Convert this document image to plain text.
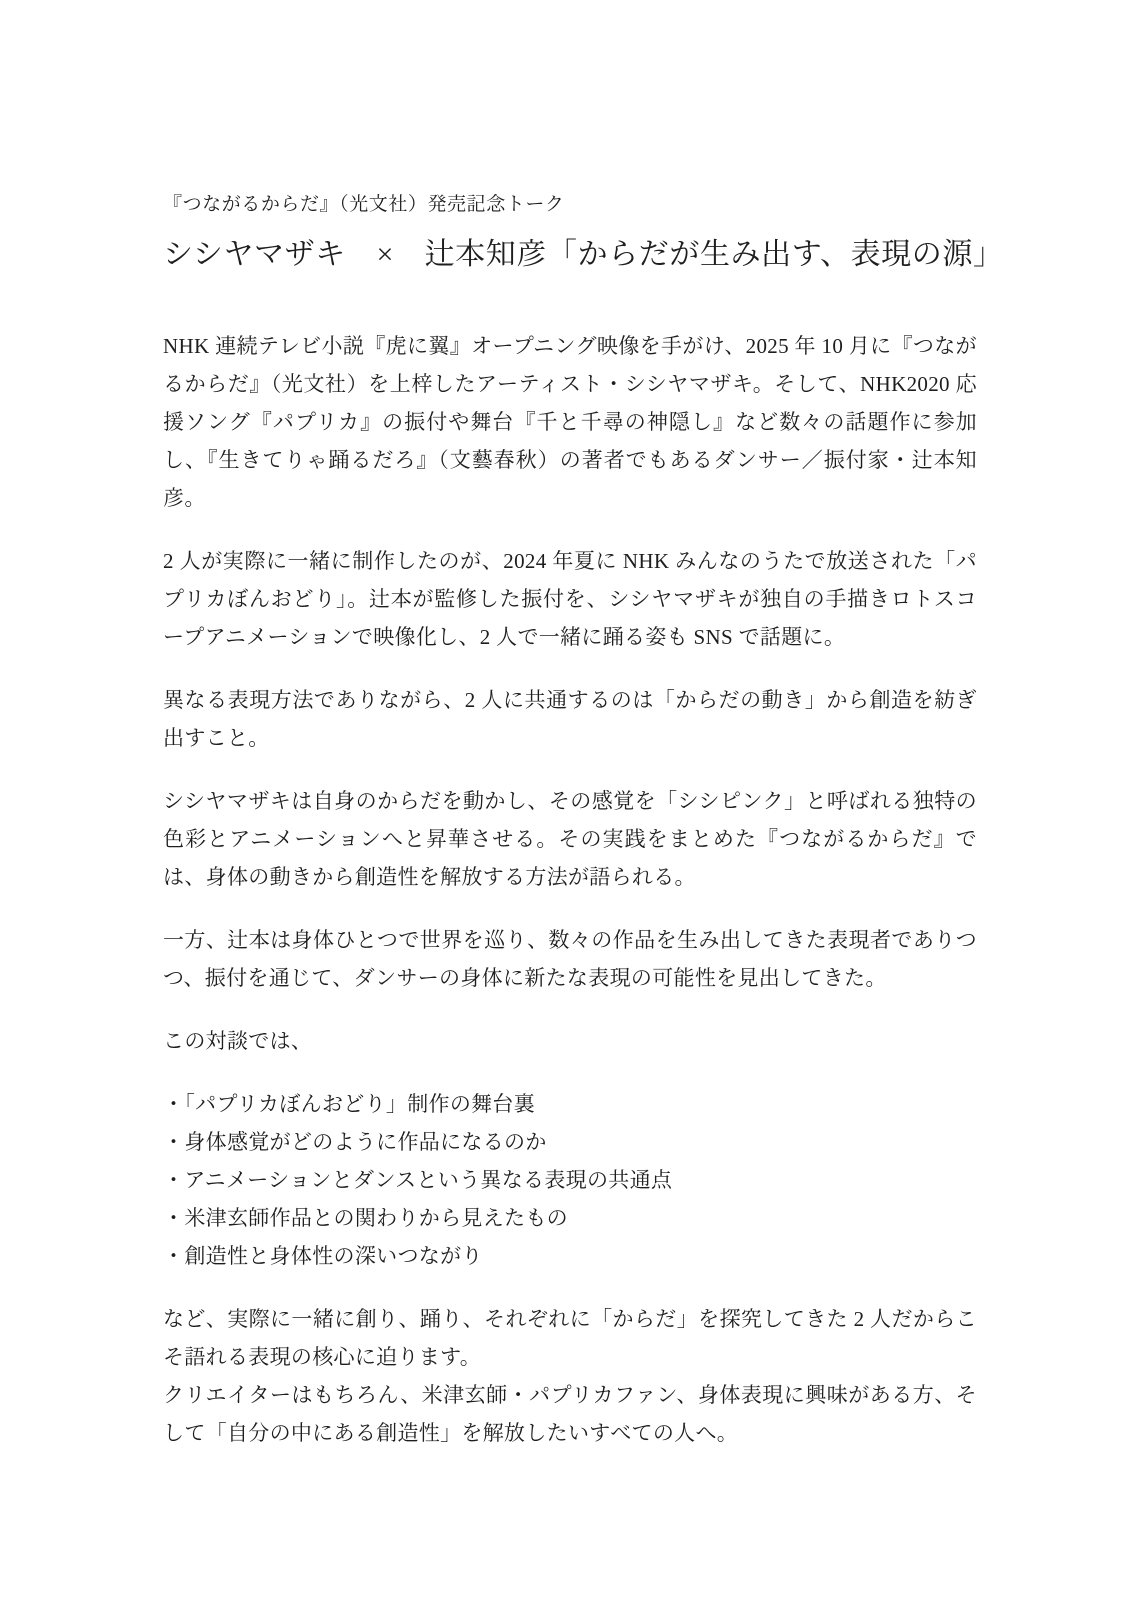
『つながるからだ』（光文社）発売記念トーク

シシヤマザキ　×　辻本知彦「からだが生み出す、表現の源」

NHK 連続テレビ小説『虎に翼』オープニング映像を手がけ、2025 年 10 月に『つながるからだ』（光文社）を上梓したアーティスト・シシヤマザキ。そして、NHK2020 応援ソング『パプリカ』の振付や舞台『千と千尋の神隠し』など数々の話題作に参加し、『生きてりゃ踊るだろ』（文藝春秋）の著者でもあるダンサー／振付家・辻本知彦。

2 人が実際に一緒に制作したのが、2024 年夏に NHK みんなのうたで放送された「パプリカぼんおどり」。辻本が監修した振付を、シシヤマザキが独自の手描きロトスコープアニメーションで映像化し、2 人で一緒に踊る姿も SNS で話題に。

異なる表現方法でありながら、2 人に共通するのは「からだの動き」から創造を紡ぎ出すこと。

シシヤマザキは自身のからだを動かし、その感覚を「シシピンク」と呼ばれる独特の色彩とアニメーションへと昇華させる。その実践をまとめた『つながるからだ』では、身体の動きから創造性を解放する方法が語られる。

一方、辻本は身体ひとつで世界を巡り、数々の作品を生み出してきた表現者でありつつ、振付を通じて、ダンサーの身体に新たな表現の可能性を見出してきた。

この対談では、

・「パプリカぼんおどり」制作の舞台裏
・身体感覚がどのように作品になるのか
・アニメーションとダンスという異なる表現の共通点
・米津玄師作品との関わりから見えたもの
・創造性と身体性の深いつながり

など、実際に一緒に創り、踊り、それぞれに「からだ」を探究してきた 2 人だからこそ語れる表現の核心に迫ります。

クリエイターはもちろん、米津玄師・パプリカファン、身体表現に興味がある方、そして「自分の中にある創造性」を解放したいすべての人へ。
